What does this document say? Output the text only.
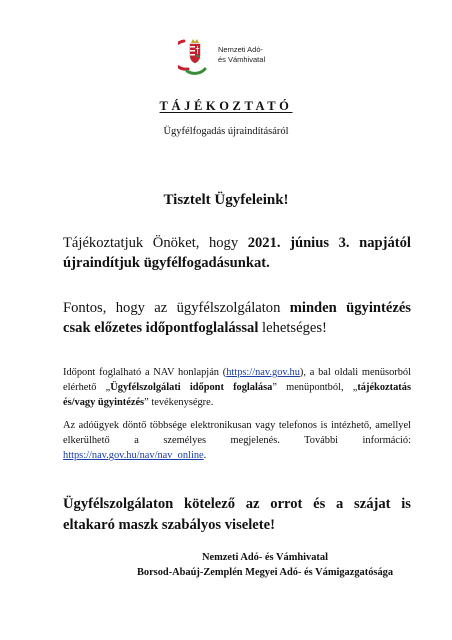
Nemzeti Adó-
és Vámhivatal
TÁJÉKOZTATÓ
Ügyfélfogadás újraindításáról
Tisztelt Ügyfeleink!
Tájékoztatjuk Önöket, hogy 2021. június 3. napjától újraindítjuk ügyfélfogadásunkat.
Fontos, hogy az ügyfélszolgálaton minden ügyintézés csak előzetes időpontfoglalással lehetséges!
Időpont foglalható a NAV honlapján (https://nav.gov.hu), a bal oldali menüsorból elérhető „Ügyfélszolgálati időpont foglalása” menüpontból, „tájékoztatás és/vagy ügyintézés” tevékenységre.
Az adóügyek döntő többsége elektronikusan vagy telefonos is intézhető, amellyel elkerülhető a személyes megjelenés. További információ: https://nav.gov.hu/nav/nav_online.
Ügyfélszolgálaton kötelező az orrot és a szájat is eltakaró maszk szabályos viselete!
Nemzeti Adó- és Vámhivatal
Borsod-Abaúj-Zemplén Megyei Adó- és Vámigazgatósága
